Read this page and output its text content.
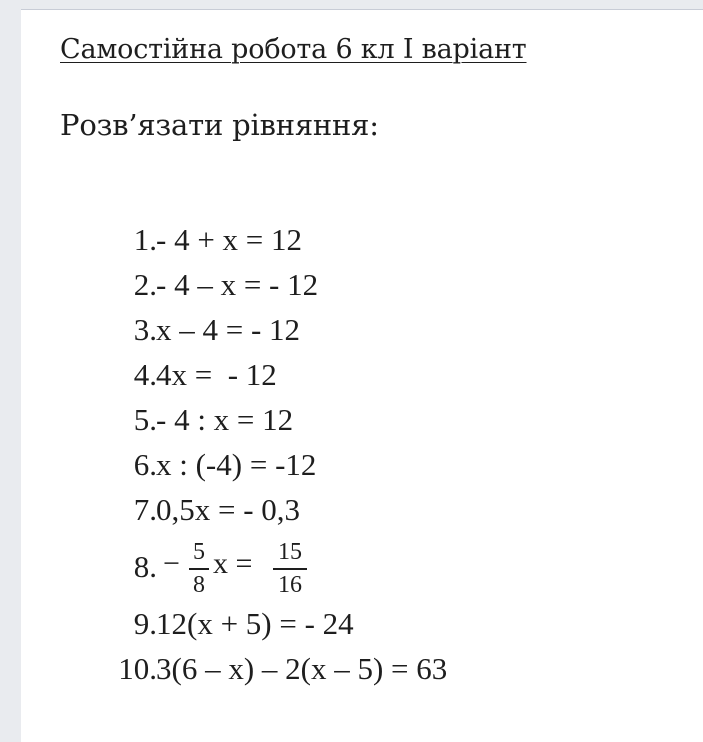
Самостійна робота 6 кл І варіант
Розв’язати рівняння:
1. - 4 + x = 12
2. - 4 – x = - 12
3. x – 4 = - 12
4. 4x =  - 12
5. - 4 : x = 12
6. x : (-4) = -12
7. 0,5x = - 0,3
8. − 5
8
x = 15
16
9. 12(x + 5) = - 24
10. 3(6 – x) – 2(x – 5) = 63
